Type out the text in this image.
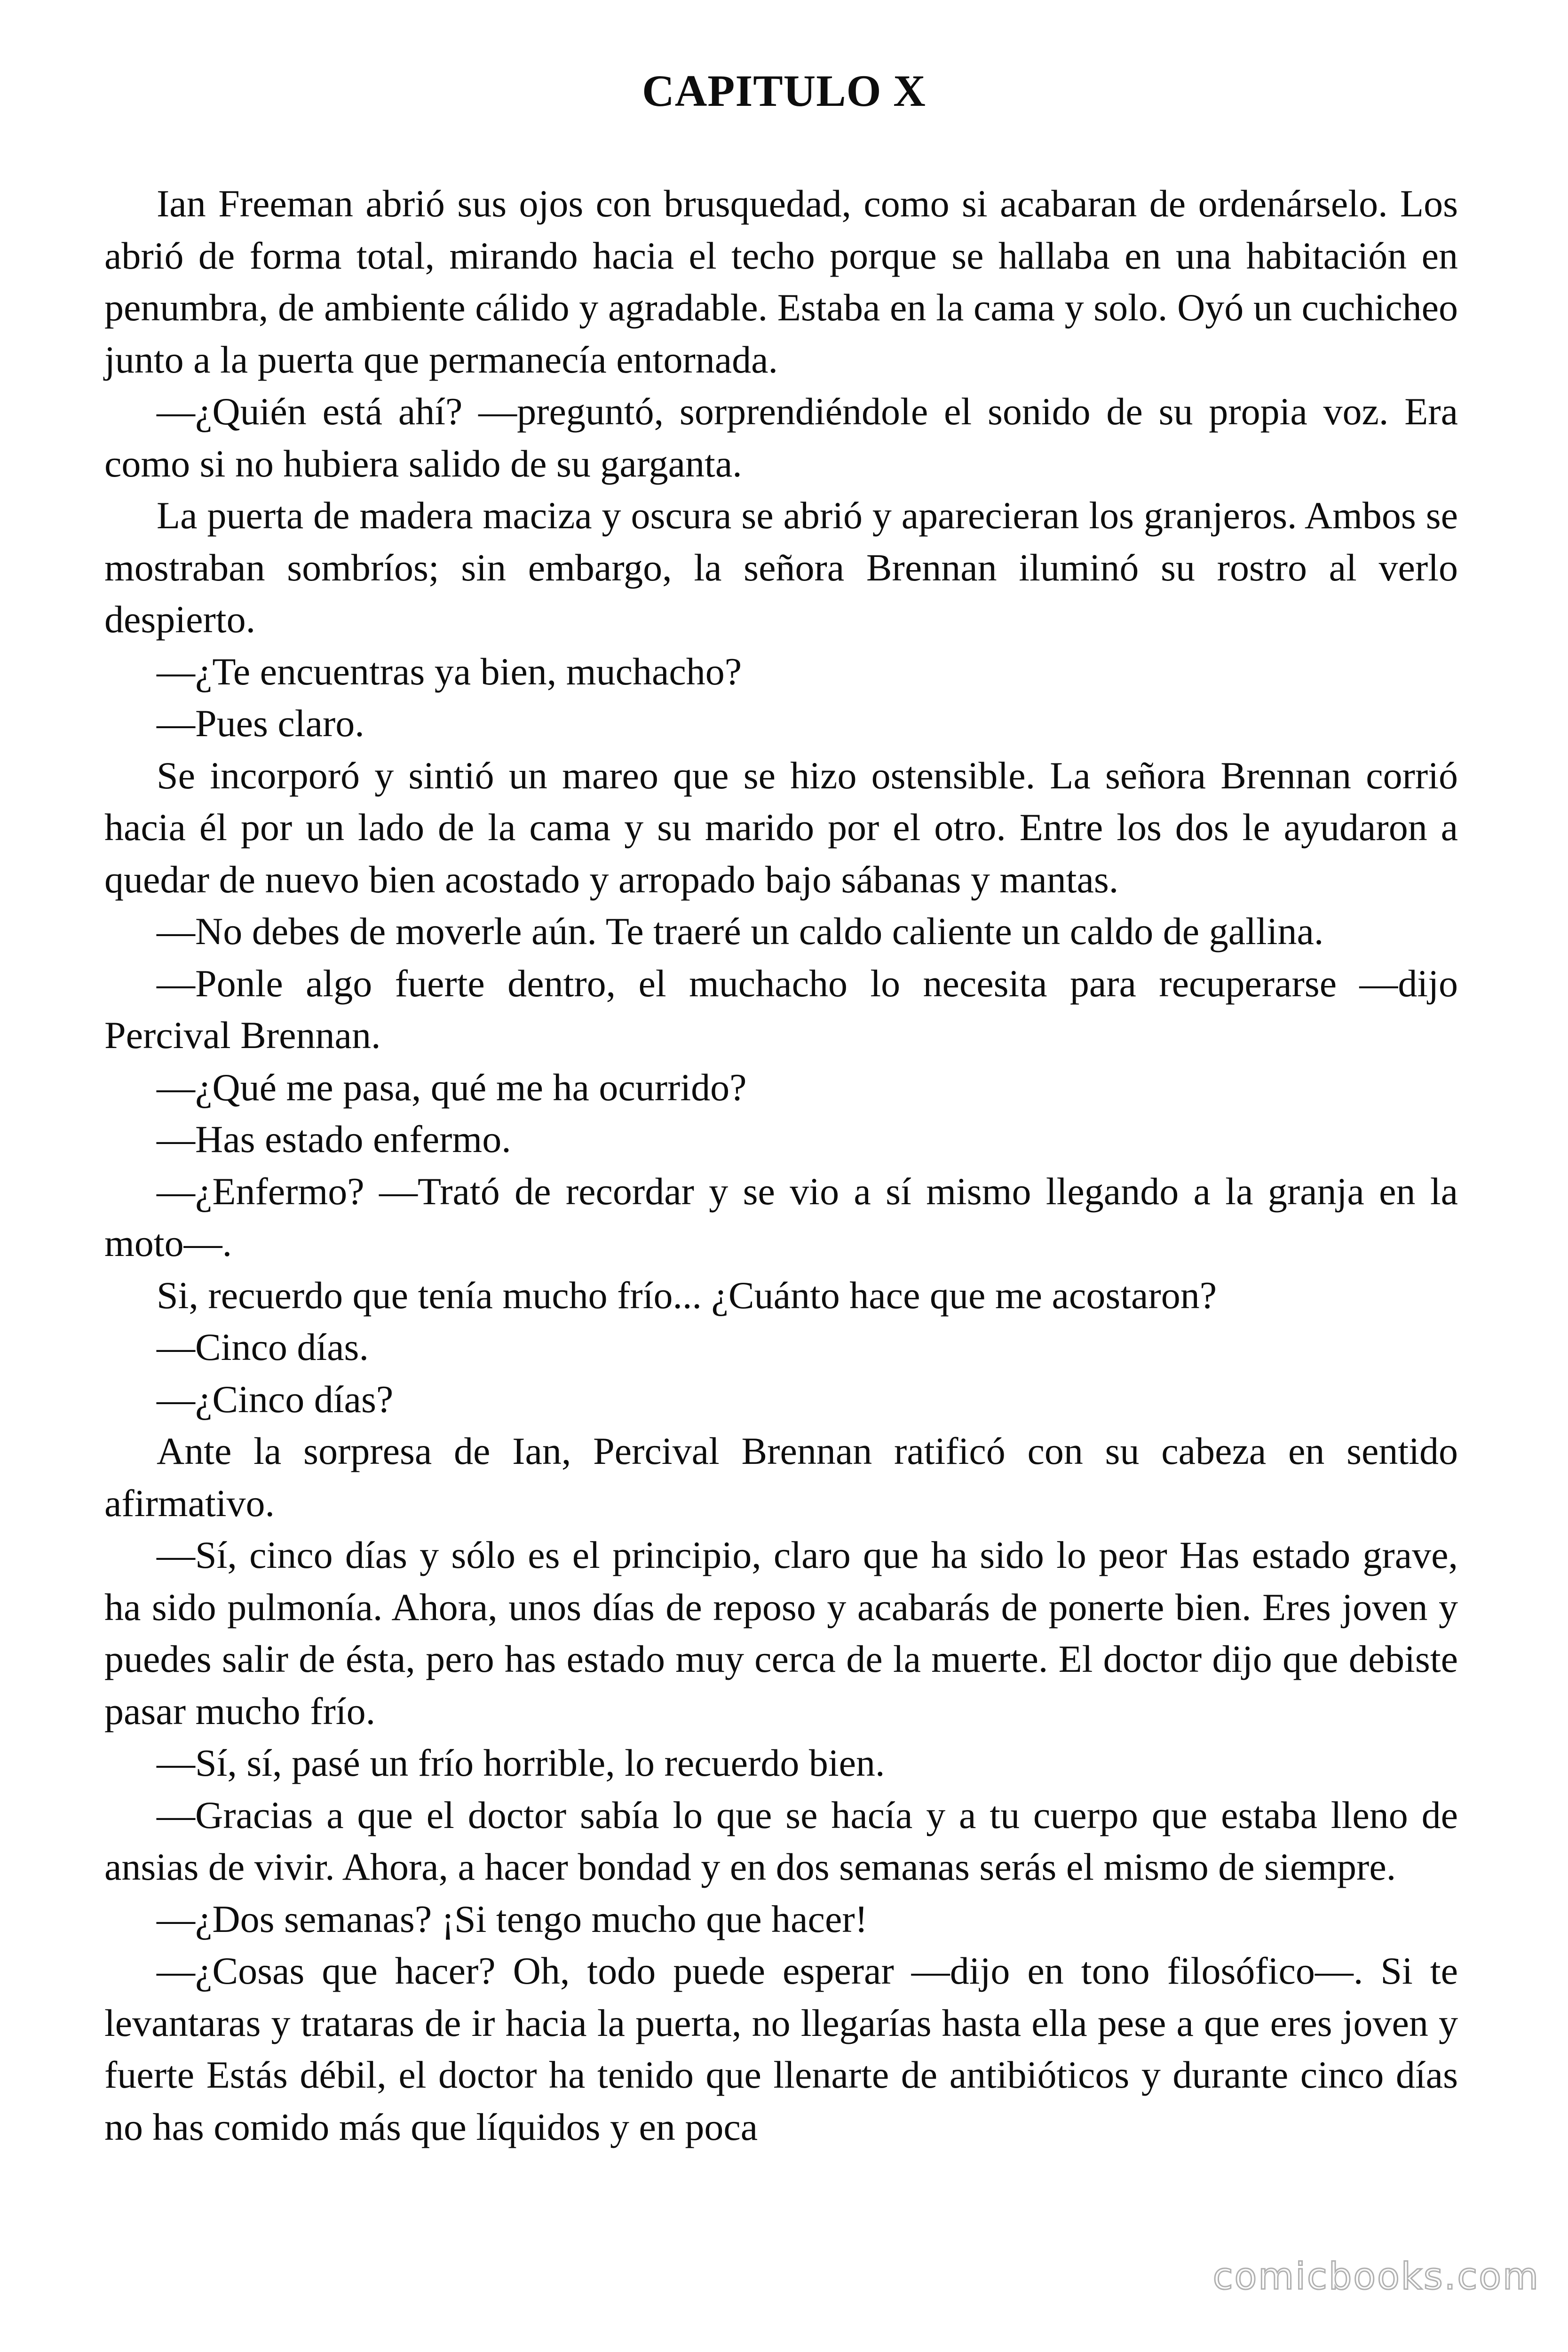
CAPITULO X

Ian Freeman abrió sus ojos con brusquedad, como si acabaran de ordenárselo. Los abrió de forma total, mirando hacia el techo porque se hallaba en una habitación en penumbra, de ambiente cálido y agradable. Estaba en la cama y solo. Oyó un cuchicheo junto a la puerta que permanecía entornada.

—¿Quién está ahí? —preguntó, sorprendiéndole el sonido de su propia voz. Era como si no hubiera salido de su garganta.

La puerta de madera maciza y oscura se abrió y aparecieran los granjeros. Ambos se mostraban sombríos; sin embargo, la señora Brennan iluminó su rostro al verlo despierto.

—¿Te encuentras ya bien, muchacho?

—Pues claro.

Se incorporó y sintió un mareo que se hizo ostensible. La señora Brennan corrió hacia él por un lado de la cama y su marido por el otro. Entre los dos le ayudaron a quedar de nuevo bien acostado y arropado bajo sábanas y mantas.

—No debes de moverle aún. Te traeré un caldo caliente un caldo de gallina.

—Ponle algo fuerte dentro, el muchacho lo necesita para recuperarse —dijo Percival Brennan.

—¿Qué me pasa, qué me ha ocurrido?

—Has estado enfermo.

—¿Enfermo? —Trató de recordar y se vio a sí mismo llegando a la granja en la moto—.

Si, recuerdo que tenía mucho frío... ¿Cuánto hace que me acostaron?

—Cinco días.

—¿Cinco días?

Ante la sorpresa de Ian, Percival Brennan ratificó con su cabeza en sentido afirmativo.

—Sí, cinco días y sólo es el principio, claro que ha sido lo peor Has estado grave, ha sido pulmonía. Ahora, unos días de reposo y acabarás de ponerte bien. Eres joven y puedes salir de ésta, pero has estado muy cerca de la muerte. El doctor dijo que debiste pasar mucho frío.

—Sí, sí, pasé un frío horrible, lo recuerdo bien.

—Gracias a que el doctor sabía lo que se hacía y a tu cuerpo que estaba lleno de ansias de vivir. Ahora, a hacer bondad y en dos semanas serás el mismo de siempre.

—¿Dos semanas? ¡Si tengo mucho que hacer!

—¿Cosas que hacer? Oh, todo puede esperar —dijo en tono filosófico—. Si te levantaras y trataras de ir hacia la puerta, no llegarías hasta ella pese a que eres joven y fuerte Estás débil, el doctor ha tenido que llenarte de antibióticos y durante cinco días no has comido más que líquidos y en poca

comicbooks.com
